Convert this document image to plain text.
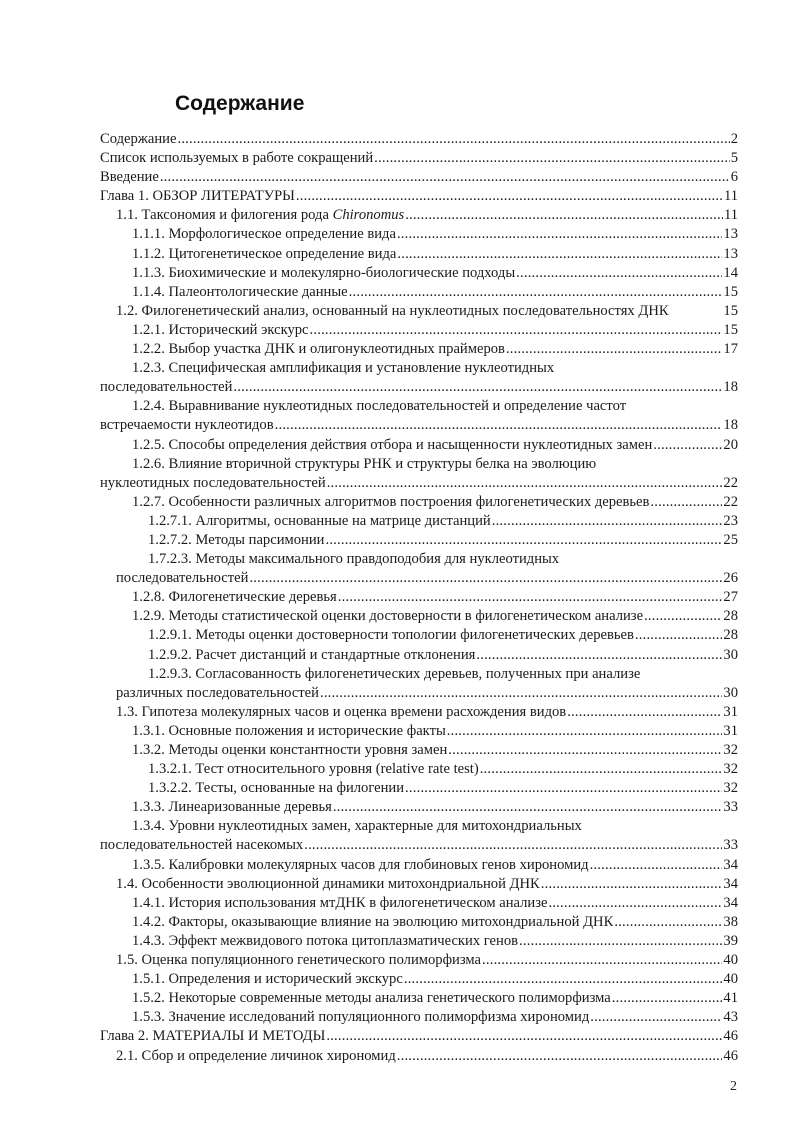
Содержание
Содержание .....	2
Список используемых в работе сокращений .....	5
Введение .....	6
Глава 1. ОБЗОР ЛИТЕРАТУРЫ .....	11
1.1. Таксономия и филогения рода Chironomus .....	11
1.1.1. Морфологическое определение вида .....	13
1.1.2. Цитогенетическое определение вида .....	13
1.1.3. Биохимические и молекулярно-биологические подходы .....	14
1.1.4. Палеонтологические данные .....	15
1.2. Филогенетический анализ, основанный на нуклеотидных последовательностях ДНК	15
1.2.1. Исторический экскурс .....	15
1.2.2. Выбор участка ДНК и олигонуклеотидных праймеров .....	17
1.2.3. Специфическая амплификация и установление нуклеотидных
последовательностей .....	18
1.2.4. Выравнивание нуклеотидных последовательностей и определение частот
встречаемости нуклеотидов .....	18
1.2.5. Способы определения действия отбора и насыщенности нуклеотидных замен .....	20
1.2.6. Влияние вторичной структуры РНК и структуры белка на эволюцию
нуклеотидных последовательностей .....	22
1.2.7. Особенности различных алгоритмов построения филогенетических деревьев .....	22
1.2.7.1. Алгоритмы, основанные на матрице дистанций .....	23
1.2.7.2. Методы парсимонии .....	25
1.7.2.3. Методы максимального правдоподобия для нуклеотидных
последовательностей .....	26
1.2.8. Филогенетические деревья .....	27
1.2.9. Методы статистической оценки достоверности в филогенетическом анализе .....	28
1.2.9.1. Методы оценки достоверности топологии филогенетических деревьев .....	28
1.2.9.2. Расчет дистанций и стандартные отклонения .....	30
1.2.9.3. Согласованность филогенетических деревьев, полученных при анализе
различных последовательностей .....	30
1.3. Гипотеза молекулярных часов и оценка времени расхождения видов .....	31
1.3.1. Основные положения и исторические факты .....	31
1.3.2. Методы оценки константности уровня замен .....	32
1.3.2.1. Тест относительного уровня (relative rate test) .....	32
1.3.2.2. Тесты, основанные на филогении .....	32
1.3.3. Линеаризованные деревья .....	33
1.3.4. Уровни нуклеотидных замен, характерные для митохондриальных
последовательностей насекомых .....	33
1.3.5. Калибровки молекулярных часов для глобиновых генов хирономид .....	34
1.4. Особенности эволюционной динамики митохондриальной ДНК .....	34
1.4.1. История использования мтДНК в филогенетическом анализе .....	34
1.4.2. Факторы, оказывающие влияние на эволюцию митохондриальной ДНК .....	38
1.4.3. Эффект межвидового потока цитоплазматических генов .....	39
1.5. Оценка популяционного генетического полиморфизма .....	40
1.5.1. Определения и исторический экскурс .....	40
1.5.2. Некоторые современные методы анализа генетического полиморфизма .....	41
1.5.3. Значение исследований популяционного полиморфизма хирономид .....	43
Глава 2. МАТЕРИАЛЫ И МЕТОДЫ .....	46
2.1. Сбор и определение личинок хирономид .....	46
2
